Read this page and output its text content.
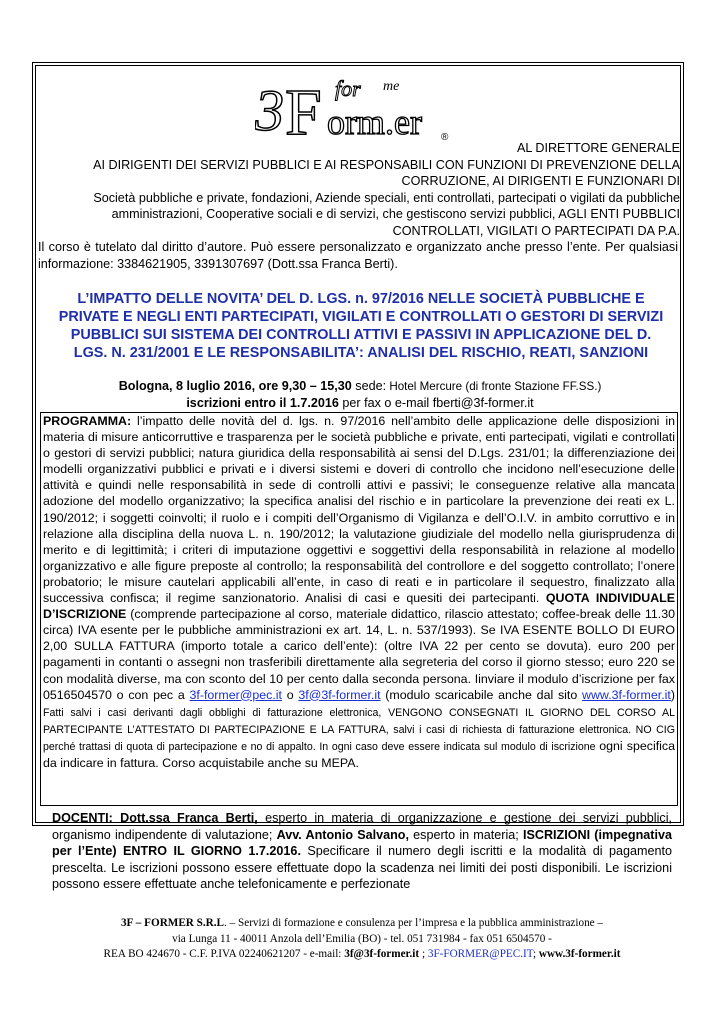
3 F orm.er
for me
®
AL DIRETTORE GENERALE
AI DIRIGENTI DEI SERVIZI PUBBLICI E AI RESPONSABILI CON FUNZIONI DI PREVENZIONE DELLA
CORRUZIONE, AI DIRIGENTI E FUNZIONARI DI
Società pubbliche e private, fondazioni, Aziende speciali, enti controllati, partecipati o vigilati da pubbliche
amministrazioni, Cooperative sociali e di servizi, che gestiscono servizi pubblici, AGLI ENTI PUBBLICI
CONTROLLATI, VIGILATI O PARTECIPATI DA P.A.
Il corso è tutelato dal diritto d’autore. Può essere personalizzato e organizzato anche presso l’ente. Per qualsiasi informazione: 3384621905, 3391307697 (Dott.ssa Franca Berti).
L’IMPATTO DELLE NOVITA’ DEL D. LGS. n. 97/2016 NELLE SOCIETÀ PUBBLICHE E PRIVATE E NEGLI ENTI PARTECIPATI, VIGILATI E CONTROLLATI O GESTORI DI SERVIZI PUBBLICI SUI SISTEMA DEI CONTROLLI ATTIVI E PASSIVI IN APPLICAZIONE DEL D. LGS. N. 231/2001 E LE RESPONSABILITA’: ANALISI DEL RISCHIO, REATI, SANZIONI
Bologna, 8 luglio 2016, ore 9,30 – 15,30 sede: Hotel Mercure (di fronte Stazione FF.SS.)
iscrizioni entro il 1.7.2016 per fax o e-mail fberti@3f-former.it
PROGRAMMA: l’impatto delle novità del d. lgs. n. 97/2016 nell’ambito delle applicazione delle disposizioni in materia di misure anticorruttive e trasparenza per le società pubbliche e private, enti partecipati, vigilati e controllati o gestori di servizi pubblici; natura giuridica della responsabilità ai sensi del D.Lgs. 231/01; la differenziazione dei modelli organizzativi pubblici e privati e i diversi sistemi e doveri di controllo che incidono nell’esecuzione delle attività e quindi nelle responsabilità in sede di controlli attivi e passivi; le conseguenze relative alla mancata adozione del modello organizzativo; la specifica analisi del rischio e in particolare la prevenzione dei reati ex L. 190/2012; i soggetti coinvolti; il ruolo e i compiti dell’Organismo di Vigilanza e dell’O.I.V. in ambito corruttivo e in relazione alla disciplina della nuova L. n. 190/2012; la valutazione giudiziale del modello nella giurisprudenza di merito e di legittimità; i criteri di imputazione oggettivi e soggettivi della responsabilità in relazione al modello organizzativo e alle figure preposte al controllo; la responsabilità del controllore e del soggetto controllato; l’onere probatorio; le misure cautelari applicabili all’ente, in caso di reati e in particolare il sequestro, finalizzato alla successiva confisca; il regime sanzionatorio. Analisi di casi e quesiti dei partecipanti. QUOTA INDIVIDUALE D’ISCRIZIONE (comprende partecipazione al corso, materiale didattico, rilascio attestato; coffee-break delle 11.30 circa) IVA esente per le pubbliche amministrazioni ex art. 14, L. n. 537/1993). Se IVA ESENTE BOLLO DI EURO 2,00 SULLA FATTURA (importo totale a carico dell’ente): (oltre IVA 22 per cento se dovuta). euro 200 per pagamenti in contanti o assegni non trasferibili direttamente alla segreteria del corso il giorno stesso; euro 220 se con modalità diverse, ma con sconto del 10 per cento dalla seconda persona. Iinviare il modulo d’iscrizione per fax 0516504570 o con pec a 3f-former@pec.it o 3f@3f-former.it (modulo scaricabile anche dal sito www.3f-former.it) Fatti salvi i casi derivanti dagli obblighi di fatturazione elettronica, VENGONO CONSEGNATI IL GIORNO DEL CORSO AL PARTECIPANTE L’ATTESTATO DI PARTECIPAZIONE E LA FATTURA, salvi i casi di richiesta di fatturazione elettronica. NO CIG perché trattasi di quota di partecipazione e no di appalto. In ogni caso deve essere indicata sul modulo di iscrizione ogni specifica da indicare in fattura. Corso acquistabile anche su MEPA.
DOCENTI: Dott.ssa Franca Berti, esperto in materia di organizzazione e gestione dei servizi pubblici, organismo indipendente di valutazione; Avv. Antonio Salvano, esperto in materia; ISCRIZIONI (impegnativa per l’Ente) ENTRO IL GIORNO 1.7.2016. Specificare il numero degli iscritti e la modalità di pagamento prescelta. Le iscrizioni possono essere effettuate dopo la scadenza nei limiti dei posti disponibili. Le iscrizioni possono essere effettuate anche telefonicamente e perfezionate
3F – FORMER S.R.L. – Servizi di formazione e consulenza per l’impresa e la pubblica amministrazione –
via Lunga 11 - 40011 Anzola dell’Emilia (BO) - tel. 051 731984 - fax 051 6504570 -
REA BO 424670 - C.F. P.IVA 02240621207 - e-mail: 3f@3f-former.it ; 3F-FORMER@PEC.IT; www.3f-former.it
